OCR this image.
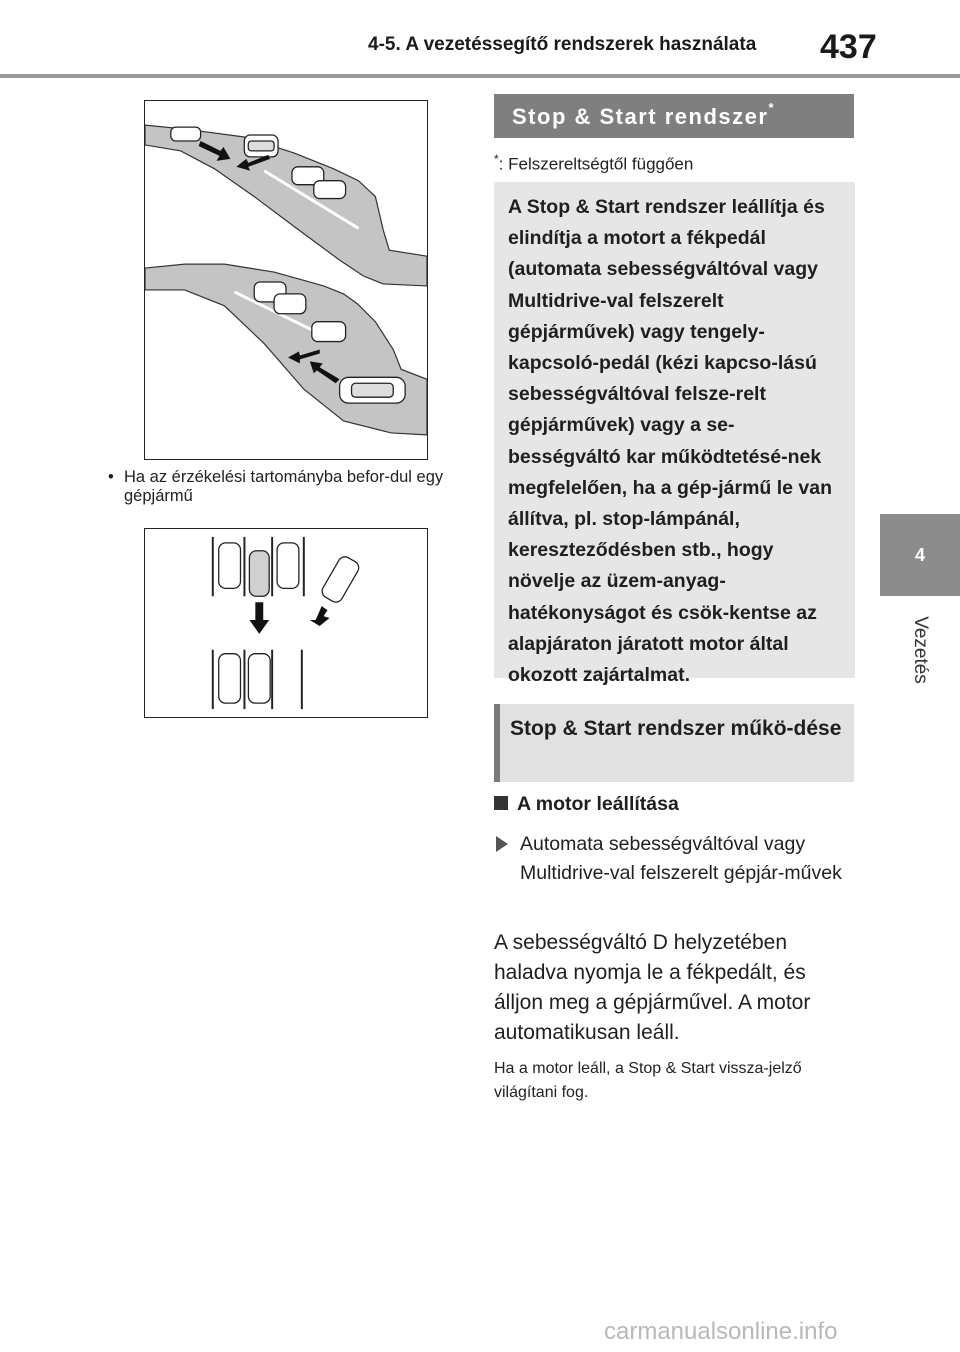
4-5. A vezetéssegítő rendszerek használata 437
4
Vezetés
• Ha az érzékelési tartományba befor-dul egy gépjármű
Stop & Start rendszer*
*: Felszereltségtől függően

A Stop & Start rendszer leállítja és elindítja a motort a fékpedál (automata sebességváltóval vagy Multidrive-val felszerelt gépjárművek) vagy tengely-kapcsoló-pedál (kézi kapcso-lású sebességváltóval felsze-relt gépjárművek) vagy a se-bességváltó kar működtetésé-nek megfelelően, ha a gép-jármű le van állítva, pl. stop-lámpánál, kereszteződésben stb., hogy növelje az üzem-anyag-hatékonyságot és csök-kentse az alapjáraton járatott motor által okozott zajártalmat.

Stop & Start rendszer műkö-dése
A motor leállítása
Automata sebességváltóval vagy Multidrive-val felszerelt gépjár-művek
A sebességváltó D helyzetében haladva nyomja le a fékpedált, és álljon meg a gépjárművel. A motor automatikusan leáll.
Ha a motor leáll, a Stop & Start vissza-jelző világítani fog.
carmanualsonline.info
